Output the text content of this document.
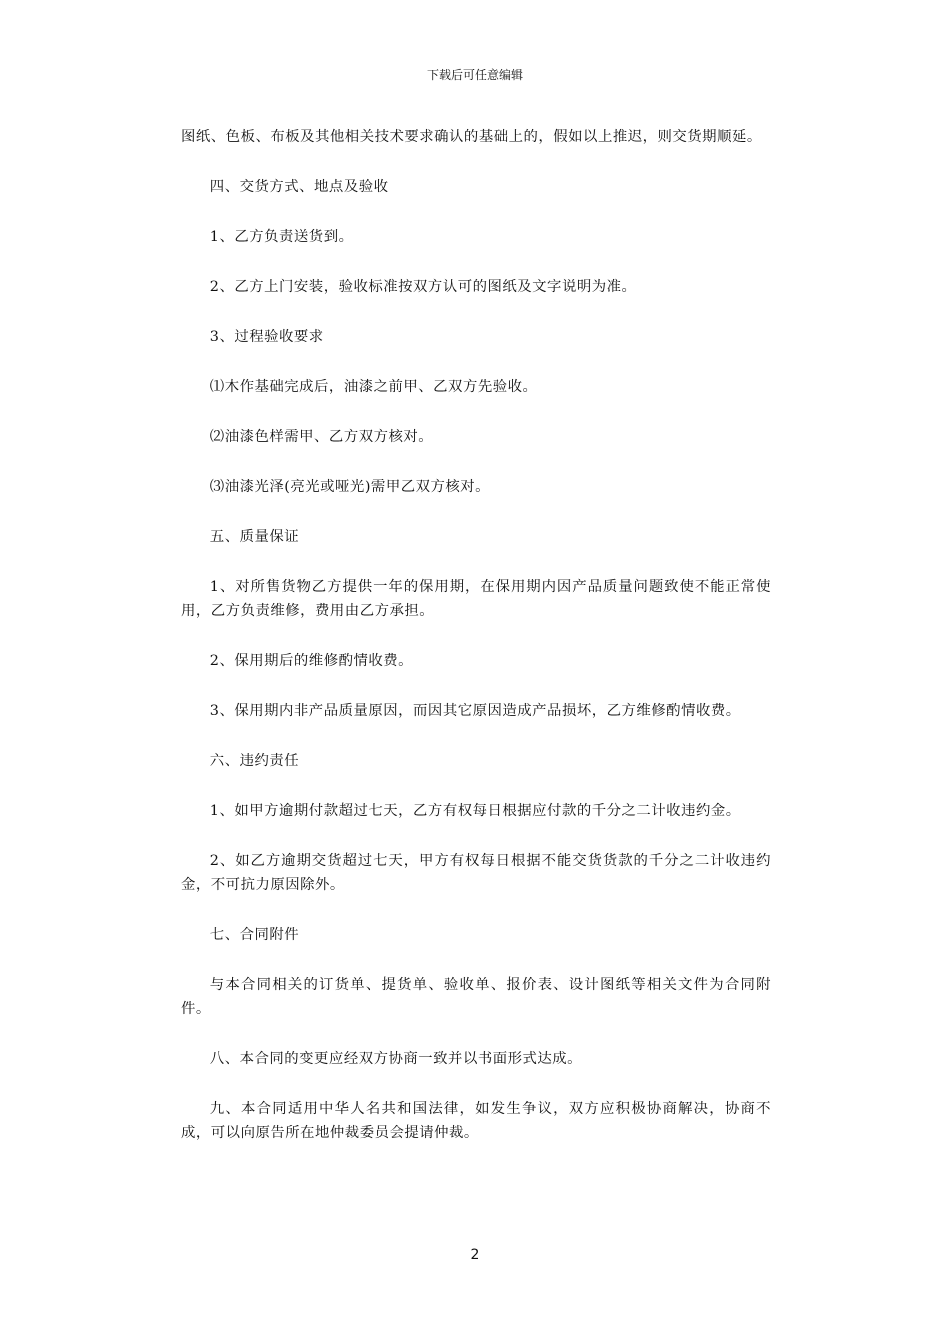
下载后可任意编辑

图纸、色板、布板及其他相关技术要求确认的基础上的，假如以上推迟，则交货期顺延。

四、交货方式、地点及验收

1、乙方负责送货到。

2、乙方上门安装，验收标准按双方认可的图纸及文字说明为准。

3、过程验收要求

⑴木作基础完成后，油漆之前甲、乙双方先验收。

⑵油漆色样需甲、乙方双方核对。

⑶油漆光泽(亮光或哑光)需甲乙双方核对。

五、质量保证

1、对所售货物乙方提供一年的保用期，在保用期内因产品质量问题致使不能正常使用，乙方负责维修，费用由乙方承担。

2、保用期后的维修酌情收费。

3、保用期内非产品质量原因，而因其它原因造成产品损坏，乙方维修酌情收费。

六、违约责任

1、如甲方逾期付款超过七天，乙方有权每日根据应付款的千分之二计收违约金。

2、如乙方逾期交货超过七天，甲方有权每日根据不能交货货款的千分之二计收违约金，不可抗力原因除外。

七、合同附件

与本合同相关的订货单、提货单、验收单、报价表、设计图纸等相关文件为合同附件。

八、本合同的变更应经双方协商一致并以书面形式达成。

九、本合同适用中华人名共和国法律，如发生争议，双方应积极协商解决，协商不成，可以向原告所在地仲裁委员会提请仲裁。

2
